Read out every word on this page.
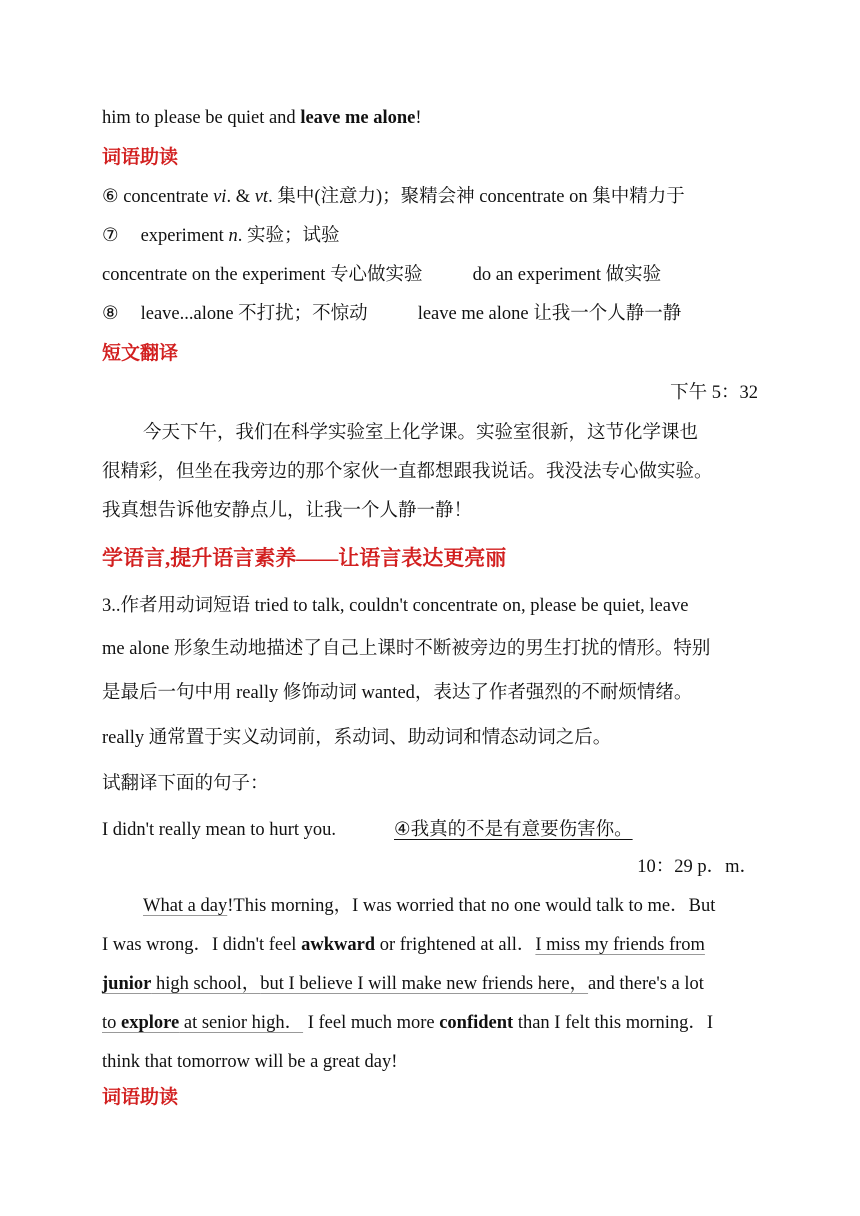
him to please be quiet and leave me alone!
词语助读
⑥ concentrate vi. & vt. 集中(注意力)；聚精会神 concentrate on 集中精力于
⑦ experiment n. 实验；试验
concentrate on the experiment 专心做实验	do an experiment 做实验
⑧ leave...alone 不打扰；不惊动	leave me alone 让我一个人静一静
短文翻译
下午 5：32
今天下午，我们在科学实验室上化学课。实验室很新，这节化学课也
很精彩，但坐在我旁边的那个家伙一直都想跟我说话。我没法专心做实验。
我真想告诉他安静点儿，让我一个人静一静！
学语言,提升语言素养——让语言表达更亮丽
3..作者用动词短语 tried to talk, couldn't concentrate on, please be quiet, leave
me alone 形象生动地描述了自己上课时不断被旁边的男生打扰的情形。特别
是最后一句中用 really 修饰动词 wanted，表达了作者强烈的不耐烦情绪。
really 通常置于实义动词前，系动词、助动词和情态动词之后。
试翻译下面的句子：
I didn't really mean to hurt you.	④我真的不是有意要伤害你。
10：29 p．m．
What a day!This morning，I was worried that no one would talk to me．But
I was wrong．I didn't feel awkward or frightened at all．I miss my friends from
junior high school，but I believe I will make new friends here，and there's a lot
to explore at senior high． I feel much more confident than I felt this morning．I
think that tomorrow will be a great day!
词语助读
